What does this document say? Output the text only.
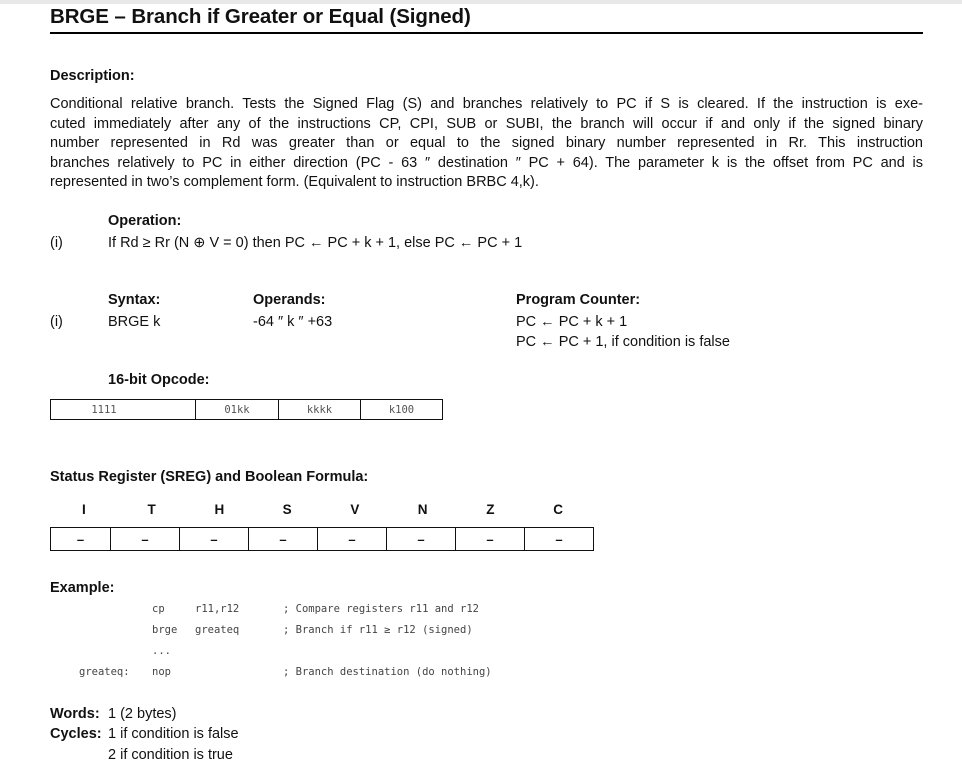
BRGE – Branch if Greater or Equal (Signed)
Description:
Conditional relative branch. Tests the Signed Flag (S) and branches relatively to PC if S is cleared. If the instruction is exe-
cuted immediately after any of the instructions CP, CPI, SUB or SUBI, the branch will occur if and only if the signed binary
number represented in Rd was greater than or equal to the signed binary number represented in Rr. This instruction
branches relatively to PC in either direction (PC - 63 ″ destination ″ PC + 64). The parameter k is the offset from PC and is
represented in two’s complement form. (Equivalent to instruction BRBC 4,k).
Operation:
(i)	If Rd ≥ Rr (N ⊕ V = 0) then PC ← PC + k + 1, else PC ← PC + 1
Syntax:	Operands:	Program Counter:
(i)	BRGE k	-64 ″ k ″ +63	PC ← PC + k + 1
PC ← PC + 1, if condition is false
16-bit Opcode:
1111	01kk	kkkk	k100
Status Register (SREG) and Boolean Formula:
I	T	H	S	V	N	Z	C
–	–	–	–	–	–	–	–
Example:
cp	r11,r12	; Compare registers r11 and r12
brge greateq	; Branch if r11 ≥ r12 (signed)
...
greateq: nop	; Branch destination (do nothing)
Words: 1 (2 bytes)
Cycles: 1 if condition is false
2 if condition is true
